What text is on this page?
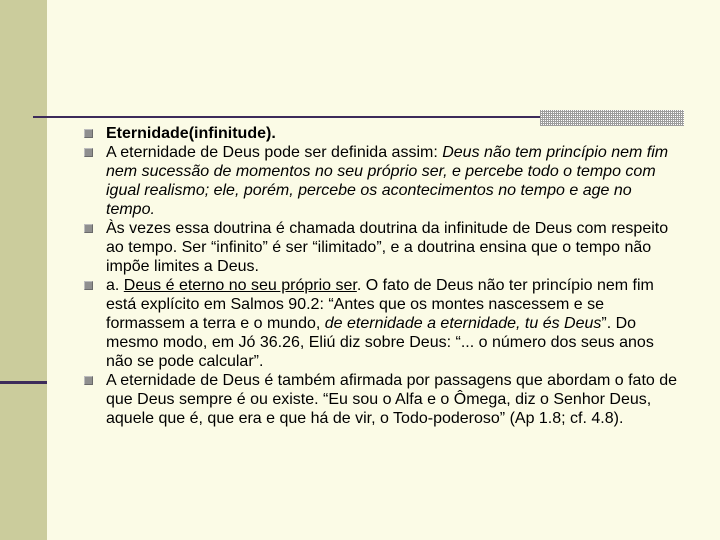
Eternidade(infinitude).
A eternidade de Deus pode ser definida assim: Deus não tem princípio nem fim nem sucessão de momentos no seu próprio ser, e percebe todo o tempo com igual realismo; ele, porém, percebe os acontecimentos no tempo e age no tempo.
Às vezes essa doutrina é chamada doutrina da infinitude de Deus com respeito ao tempo. Ser “infinito” é ser “ilimitado”, e a doutrina ensina que o tempo não impõe limites a Deus.
a. Deus é eterno no seu próprio ser. O fato de Deus não ter princípio nem fim está explícito em Salmos 90.2: “Antes que os montes nascessem e se formassem a terra e o mundo, de eternidade a eternidade, tu és Deus”. Do mesmo modo, em Jó 36.26, Eliú diz sobre Deus: “... o número dos seus anos não se pode calcular”.
A eternidade de Deus é também afirmada por passagens que abordam o fato de que Deus sempre é ou existe. “Eu sou o Alfa e o Ômega, diz o Senhor Deus, aquele que é, que era e que há de vir, o Todo-poderoso” (Ap 1.8; cf. 4.8).
